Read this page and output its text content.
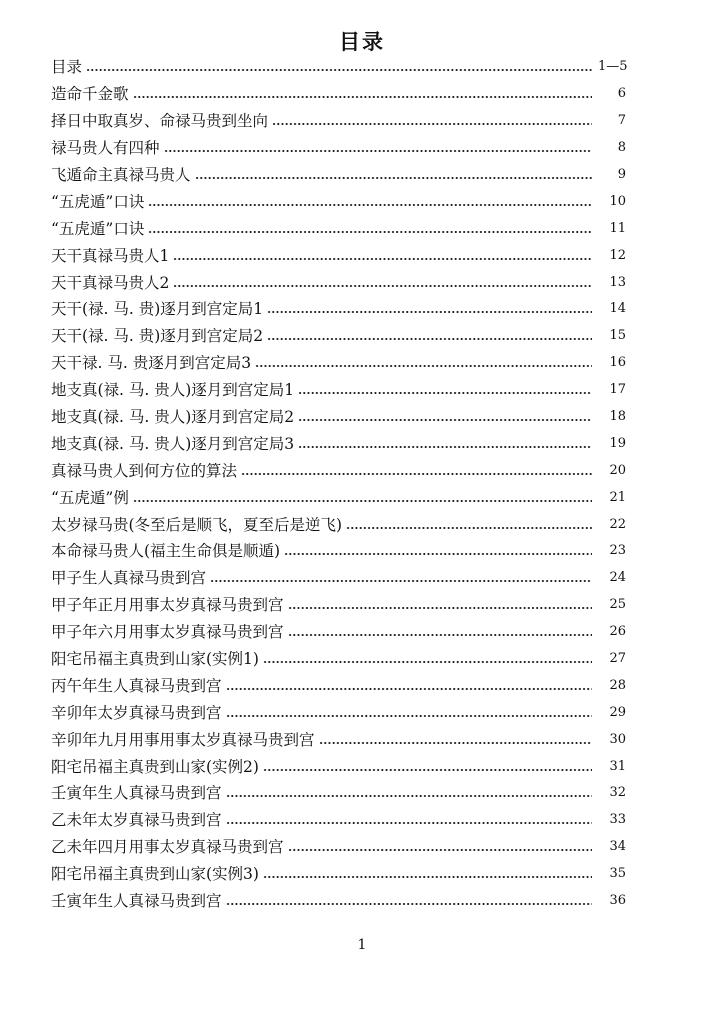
目录
目录	1—5
造命千金歌	6
择日中取真岁、命禄马贵到坐向	7
禄马贵人有四种	8
飞遁命主真禄马贵人	9
“五虎遁”口诀	10
“五虎遁”口诀	11
天干真禄马贵人1	12
天干真禄马贵人2	13
天干(禄. 马. 贵)逐月到宫定局1	14
天干(禄. 马. 贵)逐月到宫定局2	15
天干禄. 马. 贵逐月到宫定局3	16
地支真(禄. 马. 贵人)逐月到宫定局1	17
地支真(禄. 马. 贵人)逐月到宫定局2	18
地支真(禄. 马. 贵人)逐月到宫定局3	19
真禄马贵人到何方位的算法	20
“五虎遁”例	21
太岁禄马贵(冬至后是顺飞，夏至后是逆飞)	22
本命禄马贵人(福主生命俱是顺遁)	23
甲子生人真禄马贵到宫	24
甲子年正月用事太岁真禄马贵到宫	25
甲子年六月用事太岁真禄马贵到宫	26
阳宅吊福主真贵到山家(实例1)	27
丙午年生人真禄马贵到宫	28
辛卯年太岁真禄马贵到宫	29
辛卯年九月用事用事太岁真禄马贵到宫	30
阳宅吊福主真贵到山家(实例2)	31
壬寅年生人真禄马贵到宫	32
乙未年太岁真禄马贵到宫	33
乙未年四月用事太岁真禄马贵到宫	34
阳宅吊福主真贵到山家(实例3)	35
壬寅年生人真禄马贵到宫	36
1
